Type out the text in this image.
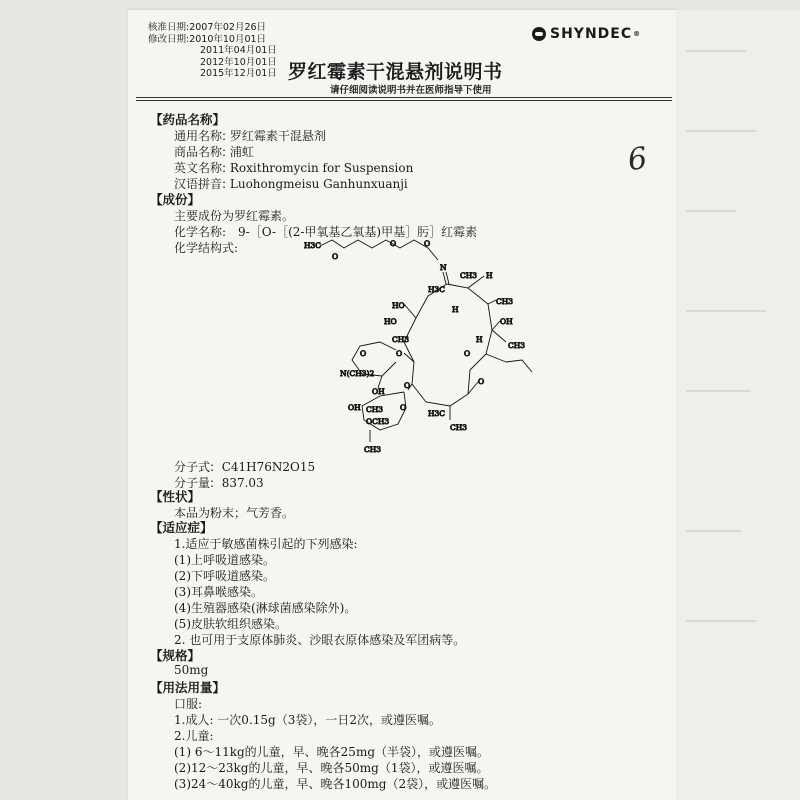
核准日期:2007年02月26日
修改日期:2010年10月01日
2011年04月01日
2012年10月01日
2015年12月01日
SHYNDEC ®
罗红霉素干混悬剂说明书
请仔细阅读说明书并在医师指导下使用
6
【药品名称】
通用名称: 罗红霉素干混悬剂
商品名称: 浦虹
英文名称: Roxithromycin for Suspension
汉语拼音: Luohongmeisu Ganhunxuanji
【成份】
主要成份为罗红霉素。
化学名称:　9-［O-［(2-甲氧基乙氧基)甲基］肟］红霉素
化学结构式:	H3C
O
O	O
N
H
CH3
OH
CH3
CH3
H3C
HO
HO
CH3
H
H
O
O
H3C
CH3
O
O
N(CH3)2
OH
O
O
OH CH3
OCH3
CH3
分子式: C41H76N2O15
分子量: 837.03
【性状】
本品为粉末；气芳香。
【适应症】
1.适应于敏感菌株引起的下列感染:
(1)上呼吸道感染。
(2)下呼吸道感染。
(3)耳鼻喉感染。
(4)生殖器感染(淋球菌感染除外)。
(5)皮肤软组织感染。
2. 也可用于支原体肺炎、沙眼衣原体感染及军团病等。
【规格】
50mg
【用法用量】
口服:
1.成人: 一次0.15g（3袋），一日2次，或遵医嘱。
2.儿童:
(1) 6～11kg的儿童，早、晚各25mg（半袋），或遵医嘱。
(2)12～23kg的儿童，早、晚各50mg（1袋），或遵医嘱。
(3)24～40kg的儿童，早、晚各100mg（2袋），或遵医嘱。
